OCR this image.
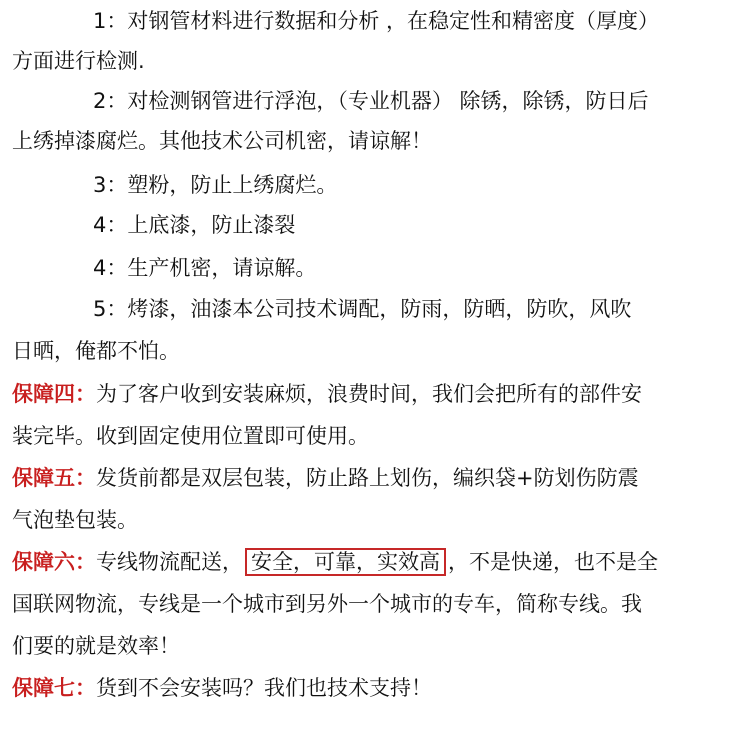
1：对钢管材料进行数据和分析 ，在稳定性和精密度（厚度）
方面进行检测.
2：对检测钢管进行浮泡，（专业机器） 除锈，除锈，防日后
上绣掉漆腐烂。其他技术公司机密，请谅解！
3：塑粉，防止上绣腐烂。
4：上底漆，防止漆裂
4：生产机密，请谅解。
5：烤漆，油漆本公司技术调配，防雨，防晒，防吹，风吹
日晒，俺都不怕。
保障四：为了客户收到安装麻烦，浪费时间，我们会把所有的部件安
装完毕。收到固定使用位置即可使用。
保障五：发货前都是双层包装，防止路上划伤，编织袋+防划伤防震
气泡垫包装。
保障六：专线物流配送， 安全，可靠，实效高 ，不是快递，也不是全
国联网物流，专线是一个城市到另外一个城市的专车，简称专线。我
们要的就是效率！
保障七：货到不会安装吗？我们也技术支持！
